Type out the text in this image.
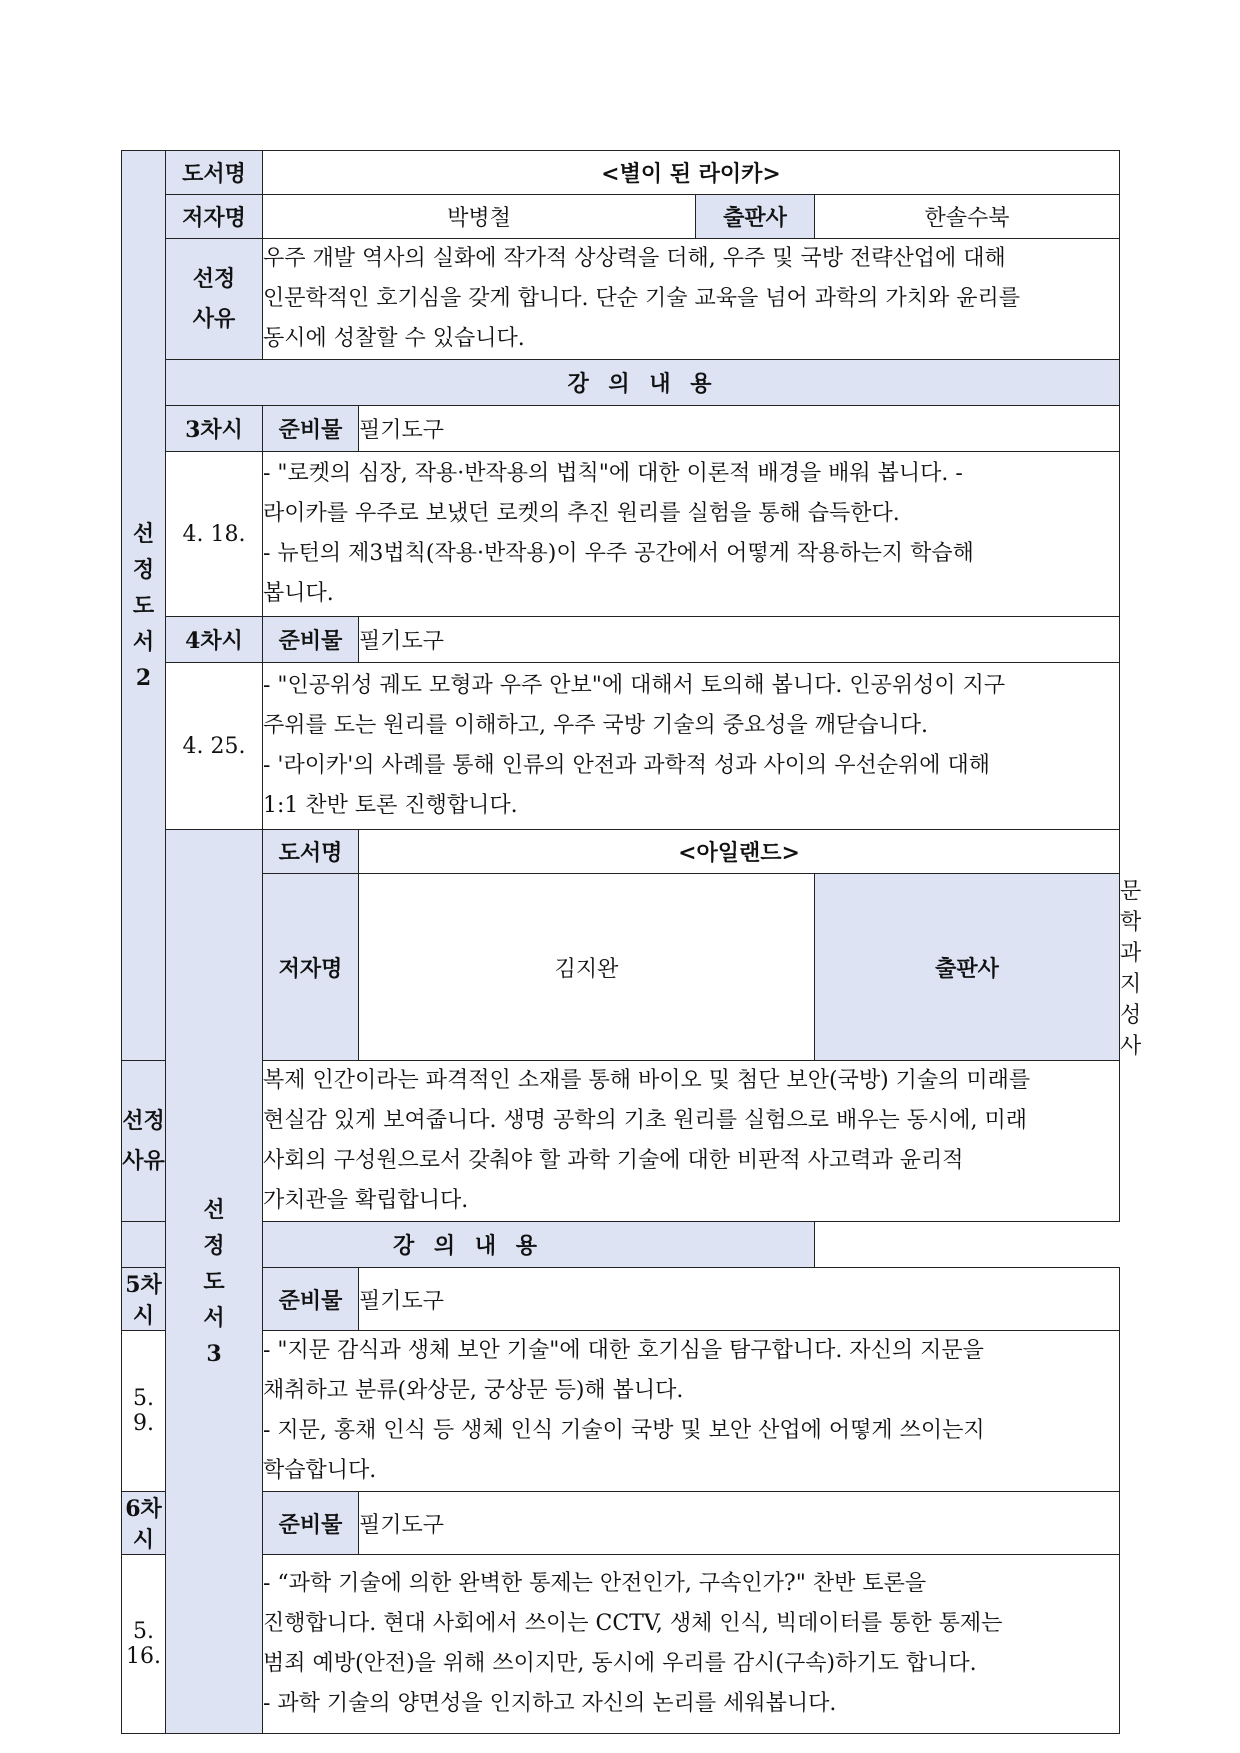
선
정
도
서
2	도서명	<별이 된 라이카>				
	저자명	박병철		출판사	한솔수북	

	선정
사유	우주 개발 역사의 실화에 작가적 상상력을 더해, 우주 및 국방 전략산업에 대해
인문학적인 호기심을 갖게 합니다. 단순 기술 교육을 넘어 과학의 가치와 윤리를
동시에 성찰할 수 있습니다.				

	강 의 내 용					
	3차시	준비물	필기도구			
	4. 18.	- "로켓의 심장, 작용·반작용의 법칙"에 대한 이론적 배경을 배워 봅니다. -
라이카를 우주로 보냈던 로켓의 추진 원리를 실험을 통해 습득한다.
- 뉴턴의 제3법칙(작용·반작용)이 우주 공간에서 어떻게 작용하는지 학습해
봅니다.				

	4차시	준비물	필기도구			
	4. 25.	- "인공위성 궤도 모형과 우주 안보"에 대해서 토의해 봅니다. 인공위성이 지구
주위를 도는 원리를 이해하고, 우주 국방 기술의 중요성을 깨닫습니다.
- '라이카'의 사례를 통해 인류의 안전과 과학적 성과 사이의 우선순위에 대해
1:1 찬반 토론 진행합니다.				

	선
정
도
서
3	도서명	<아일랜드>			
		저자명	김지완		출판사	문학과지성사

선정
사유		복제 인간이라는 파격적인 소재를 통해 바이오 및 첨단 보안(국방) 기술의 미래를
현실감 있게 보여줍니다. 생명 공학의 기초 원리를 실험으로 배우는 동시에, 미래
사회의 구성원으로서 갖춰야 할 과학 기술에 대한 비판적 사고력과 윤리적
가치관을 확립합니다.				

강 의 내 용						
5차시		준비물	필기도구			
5. 9.		- "지문 감식과 생체 보안 기술"에 대한 호기심을 탐구합니다. 자신의 지문을
채취하고 분류(와상문, 궁상문 등)해 봅니다.
- 지문, 홍채 인식 등 생체 인식 기술이 국방 및 보안 산업에 어떻게 쓰이는지
학습합니다.				

6차시		준비물	필기도구			
5. 16.		- “과학 기술에 의한 완벽한 통제는 안전인가, 구속인가?" 찬반 토론을
진행합니다. 현대 사회에서 쓰이는 CCTV, 생체 인식, 빅데이터를 통한 통제는
범죄 예방(안전)을 위해 쓰이지만, 동시에 우리를 감시(구속)하기도 합니다.
- 과학 기술의 양면성을 인지하고 자신의 논리를 세워봅니다.				
